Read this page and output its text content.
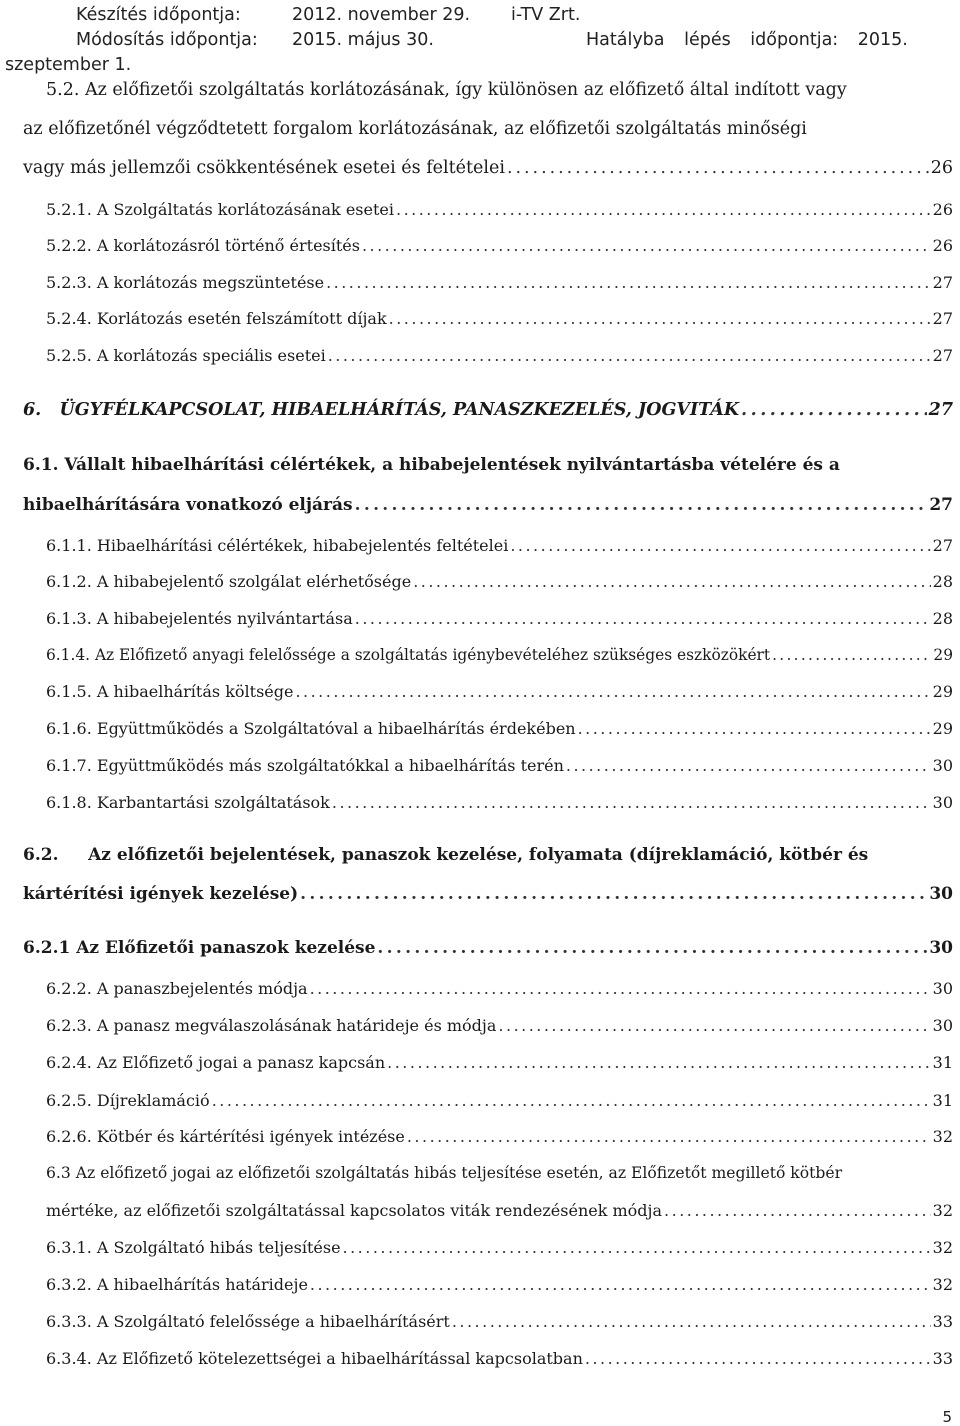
Készítés időpontja:	2012. november 29. i-TV Zrt.
Módosítás időpontja: 2015. május 30.	Hatályba lépés időpontja: 2015.
szeptember 1.
5.2. Az előfizetői szolgáltatás korlátozásának, így különösen az előfizető által indított vagy
az előfizetőnél végződtetett forgalom korlátozásának, az előfizetői szolgáltatás minőségi
vagy más jellemzői csökkentésének esetei és feltételei . . .	26
5.2.1. A Szolgáltatás korlátozásának esetei . . .	26
5.2.2. A korlátozásról történő értesítés . . .	26
5.2.3. A korlátozás megszüntetése . . .	27
5.2.4. Korlátozás esetén felszámított díjak . . .	27
5.2.5. A korlátozás speciális esetei . . .	27
6.   ÜGYFÉLKAPCSOLAT, HIBAELHÁRÍTÁS, PANASZKEZELÉS, JOGVITÁK . . .	27
6.1. Vállalt hibaelhárítási célértékek, a hibabejelentések nyilvántartásba vételére és a
hibaelhárítására vonatkozó eljárás . . .	27
6.1.1. Hibaelhárítási célértékek, hibabejelentés feltételei . . .	27
6.1.2. A hibabejelentő szolgálat elérhetősége . . .	28
6.1.3. A hibabejelentés nyilvántartása . . .	28
6.1.4. Az Előfizető anyagi felelőssége a szolgáltatás igénybevételéhez szükséges eszközökért . . .	29
6.1.5. A hibaelhárítás költsége . . .	29
6.1.6. Együttműködés a Szolgáltatóval a hibaelhárítás érdekében . . .	29
6.1.7. Együttműködés más szolgáltatókkal a hibaelhárítás terén . . .	30
6.1.8. Karbantartási szolgáltatások . . .	30
6.2.     Az előfizetői bejelentések, panaszok kezelése, folyamata (díjreklamáció, kötbér és
kártérítési igények kezelése) . . .	30
6.2.1 Az Előfizetői panaszok kezelése . . .	30
6.2.2. A panaszbejelentés módja . . .	30
6.2.3. A panasz megválaszolásának határideje és módja . . .	30
6.2.4. Az Előfizető jogai a panasz kapcsán . . .	31
6.2.5. Díjreklamáció . . .	31
6.2.6. Kötbér és kártérítési igények intézése . . .	32
6.3 Az előfizető jogai az előfizetői szolgáltatás hibás teljesítése esetén, az Előfizetőt megillető kötbér
mértéke, az előfizetői szolgáltatással kapcsolatos viták rendezésének módja . . .	32
6.3.1. A Szolgáltató hibás teljesítése . . .	32
6.3.2. A hibaelhárítás határideje . . .	32
6.3.3. A Szolgáltató felelőssége a hibaelhárításért . . .	33
6.3.4. Az Előfizető kötelezettségei a hibaelhárítással kapcsolatban . . .	33
5
